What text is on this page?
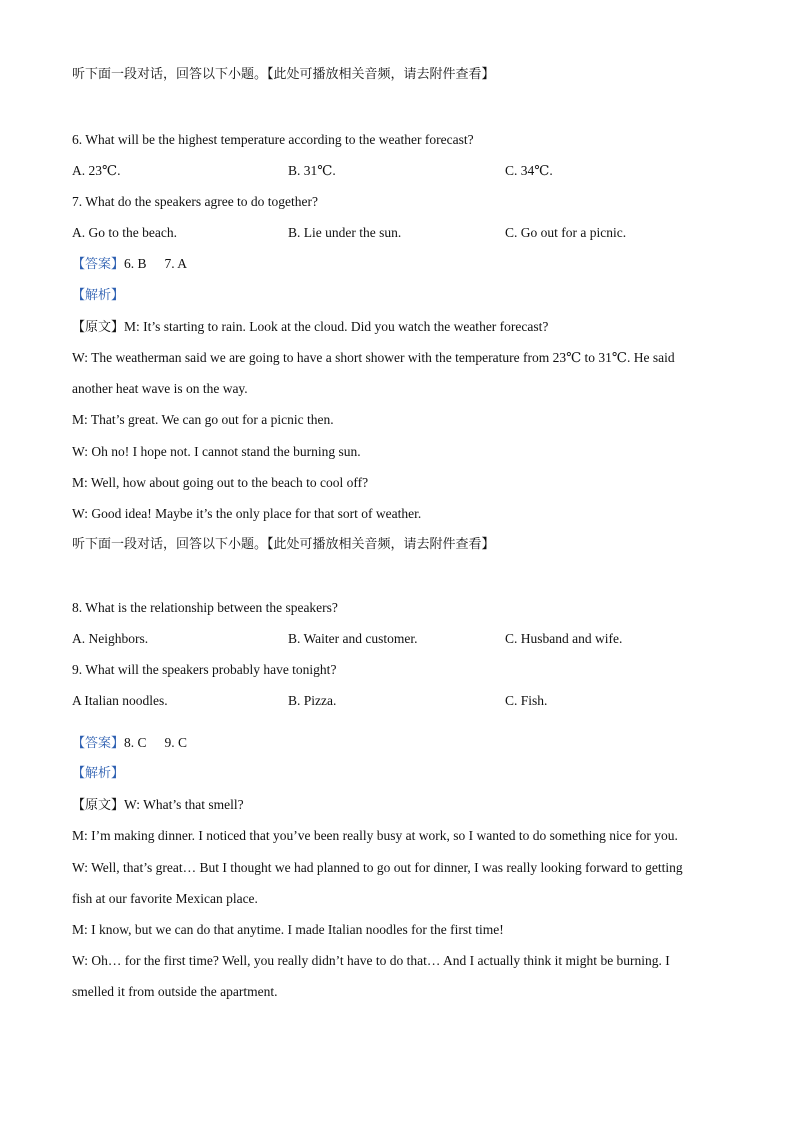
听下面一段对话，回答以下小题。【此处可播放相关音频，请去附件查看】
6. What will be the highest temperature according to the weather forecast?
A. 23℃.	B. 31℃.	C. 34℃.
7. What do the speakers agree to do together?
A. Go to the beach.	B. Lie under the sun.	C. Go out for a picnic.
【答案】6. B 7. A
【解析】
【原文】M: It’s starting to rain. Look at the cloud. Did you watch the weather forecast?
W: The weatherman said we are going to have a short shower with the temperature from 23℃ to 31℃. He said
another heat wave is on the way.
M: That’s great. We can go out for a picnic then.
W: Oh no! I hope not. I cannot stand the burning sun.
M: Well, how about going out to the beach to cool off?
W: Good idea! Maybe it’s the only place for that sort of weather.
听下面一段对话，回答以下小题。【此处可播放相关音频，请去附件查看】
8. What is the relationship between the speakers?
A. Neighbors.	B. Waiter and customer.	C. Husband and wife.
9. What will the speakers probably have tonight?
A Italian noodles.	B. Pizza.	C. Fish.
【答案】8. C 9. C
【解析】
【原文】W: What’s that smell?
M: I’m making dinner. I noticed that you’ve been really busy at work, so I wanted to do something nice for you.
W: Well, that’s great… But I thought we had planned to go out for dinner, I was really looking forward to getting
fish at our favorite Mexican place.
M: I know, but we can do that anytime. I made Italian noodles for the first time!
W: Oh… for the first time? Well, you really didn’t have to do that… And I actually think it might be burning. I
smelled it from outside the apartment.
